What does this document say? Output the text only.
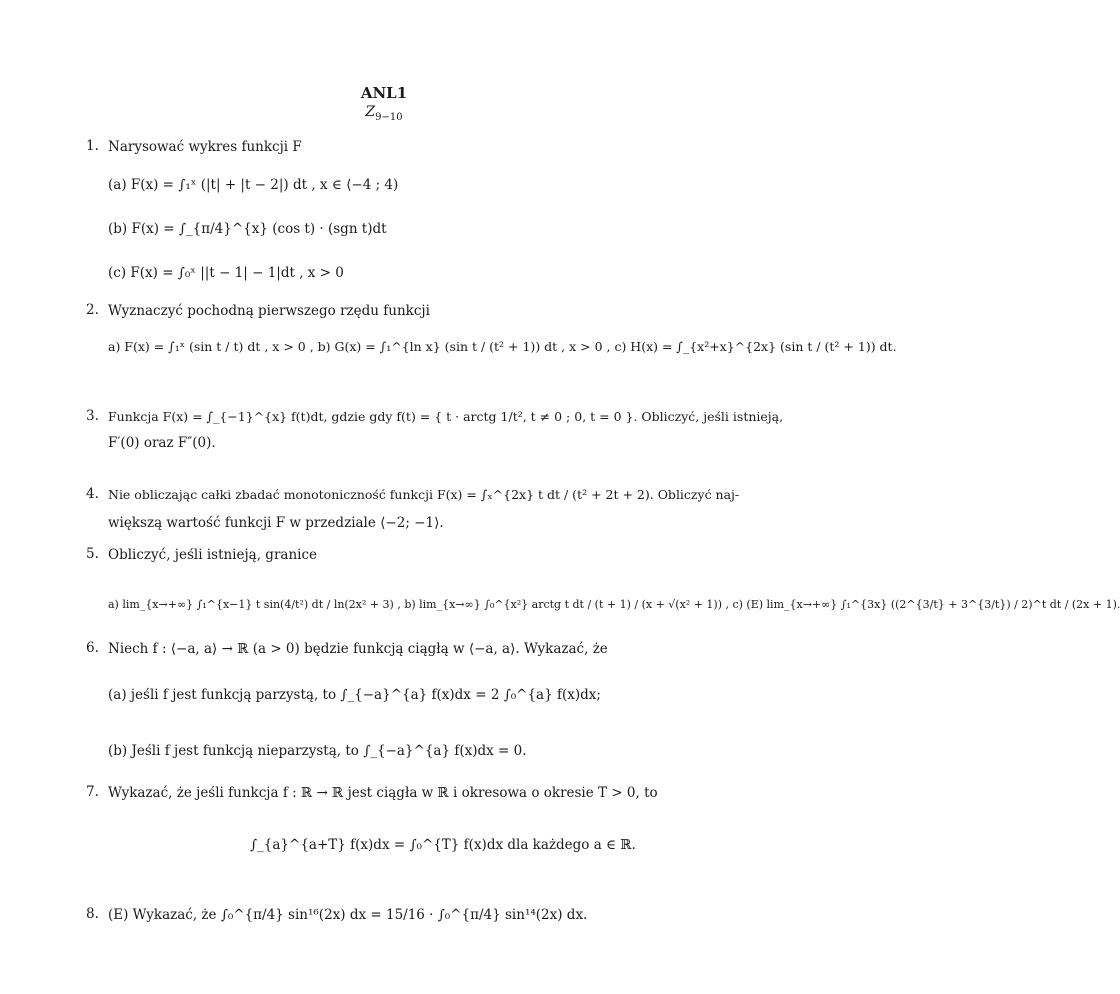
ANL1
$Z_{9-10}$
1. Narysować wykres funkcji F
(a) F(x) = ∫₁ˣ (|t| + |t − 2|) dt , x ∈ ⟨−4 ; 4)
(b) F(x) = ∫_{π/4}^{x} (cos t) · (sgn t)dt
(c) F(x) = ∫₀ˣ ||t − 1| − 1|dt , x > 0
2. Wyznaczyć pochodną pierwszego rzędu funkcji
a) F(x) = ∫₁ˣ (sin t / t) dt , x > 0 , b) G(x) = ∫₁^{ln x} (sin t / (t² + 1)) dt , x > 0 , c) H(x) = ∫_{x²+x}^{2x} (sin t / (t² + 1)) dt.
3. Funkcja F(x) = ∫_{−1}^{x} f(t)dt, gdzie gdy f(t) = { t · arctg 1/t², t ≠ 0 ; 0, t = 0 }. Obliczyć, jeśli istnieją,
F′(0) oraz F″(0).
4. Nie obliczając całki zbadać monotoniczność funkcji F(x) = ∫ₓ^{2x} t dt / (t² + 2t + 2). Obliczyć naj-
większą wartość funkcji F w przedziale ⟨−2; −1⟩.
5. Obliczyć, jeśli istnieją, granice
a) lim_{x→+∞} ∫₁^{x−1} t sin(4/t²) dt / ln(2x² + 3) , b) lim_{x→∞} ∫₀^{x²} arctg t dt / (t + 1) / (x + √(x² + 1)) , c) (E) lim_{x→+∞} ∫₁^{3x} ((2^{3/t} + 3^{3/t}) / 2)^t dt / (2x + 1).
6. Niech f : ⟨−a, a⟩ → ℝ (a > 0) będzie funkcją ciągłą w ⟨−a, a⟩. Wykazać, że
(a) jeśli f jest funkcją parzystą, to ∫_{−a}^{a} f(x)dx = 2 ∫₀^{a} f(x)dx;
(b) Jeśli f jest funkcją nieparzystą, to ∫_{−a}^{a} f(x)dx = 0.
7. Wykazać, że jeśli funkcja f : ℝ → ℝ jest ciągła w ℝ i okresowa o okresie T > 0, to
∫_{a}^{a+T} f(x)dx = ∫₀^{T} f(x)dx dla każdego a ∈ ℝ.
8. (E) Wykazać, że ∫₀^{π/4} sin¹⁶(2x) dx = 15/16 · ∫₀^{π/4} sin¹⁴(2x) dx.
